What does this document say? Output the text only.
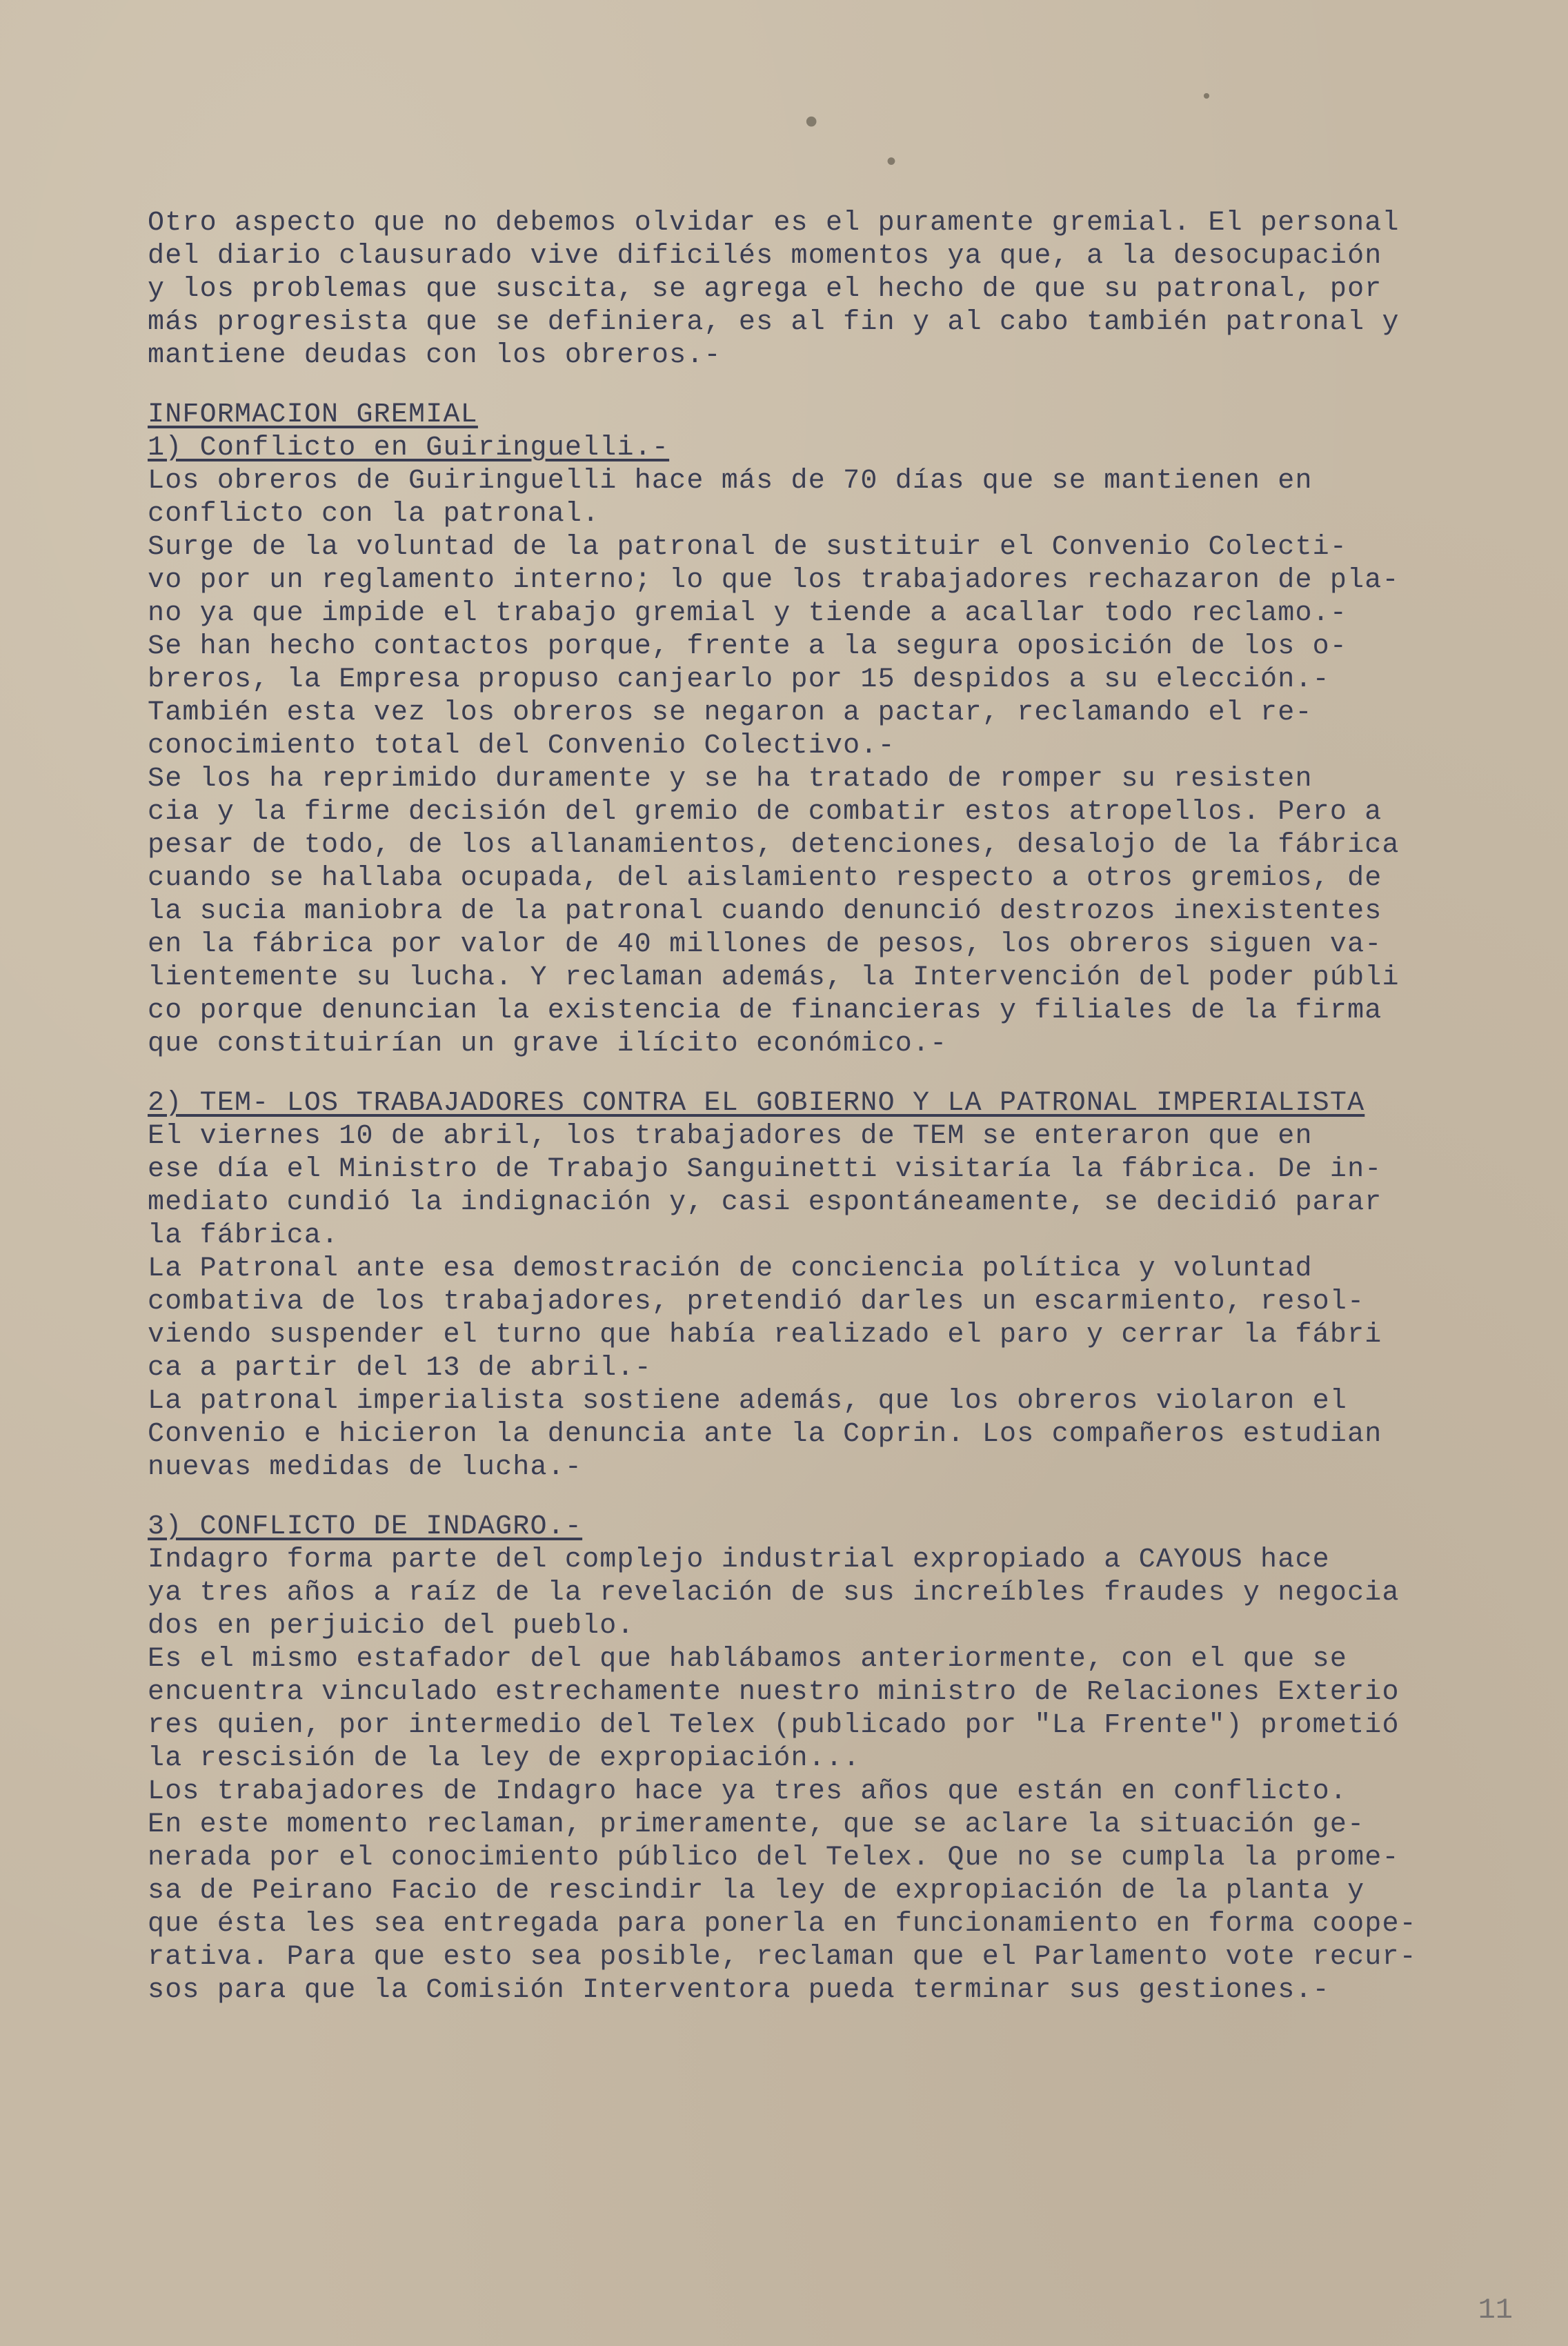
•
•
•
Otro aspecto que no debemos olvidar es el puramente gremial. El personal
del diario clausurado vive dificilés momentos ya que, a la desocupación
y los problemas que suscita, se agrega el hecho de que su patronal, por
más progresista que se definiera, es al fin y al cabo también patronal y
mantiene deudas con los obreros.-
INFORMACION GREMIAL
1) Conflicto en Guiringuelli.-
Los obreros de Guiringuelli hace más de 70 días que se mantienen en
conflicto con la patronal.
Surge de la voluntad de la patronal de sustituir el Convenio Colecti-
vo por un reglamento interno; lo que los trabajadores rechazaron de pla-
no ya que impide el trabajo gremial y tiende a acallar todo reclamo.-
Se han hecho contactos porque, frente a la segura oposición de los o-
breros, la Empresa propuso canjearlo por 15 despidos a su elección.-
También esta vez los obreros se negaron a pactar, reclamando el re-
conocimiento total del Convenio Colectivo.-
Se los ha reprimido duramente y se ha tratado de romper su resisten
cia y la firme decisión del gremio de combatir estos atropellos. Pero a
pesar de todo, de los allanamientos, detenciones, desalojo de la fábrica
cuando se hallaba ocupada, del aislamiento respecto a otros gremios, de
la sucia maniobra de la patronal cuando denunció destrozos inexistentes
en la fábrica por valor de 40 millones de pesos, los obreros siguen va-
lientemente su lucha. Y reclaman además, la Intervención del poder públi
co porque denuncian la existencia de financieras y filiales de la firma
que constituirían un grave ilícito económico.-
2) TEM- LOS TRABAJADORES CONTRA EL GOBIERNO Y LA PATRONAL IMPERIALISTA
El viernes 10 de abril, los trabajadores de TEM se enteraron que en
ese día el Ministro de Trabajo Sanguinetti visitaría la fábrica. De in-
mediato cundió la indignación y, casi espontáneamente, se decidió parar
la fábrica.
La Patronal ante esa demostración de conciencia política y voluntad
combativa de los trabajadores, pretendió darles un escarmiento, resol-
viendo suspender el turno que había realizado el paro y cerrar la fábri
ca a partir del 13 de abril.-
La patronal imperialista sostiene además, que los obreros violaron el
Convenio e hicieron la denuncia ante la Coprin. Los compañeros estudian
nuevas medidas de lucha.-
3) CONFLICTO DE INDAGRO.-
Indagro forma parte del complejo industrial expropiado a CAYOUS hace
ya tres años a raíz de la revelación de sus increíbles fraudes y negocia
dos en perjuicio del pueblo.
Es el mismo estafador del que hablábamos anteriormente, con el que se
encuentra vinculado estrechamente nuestro ministro de Relaciones Exterio
res quien, por intermedio del Telex (publicado por "La Frente") prometió
la rescisión de la ley de expropiación...
Los trabajadores de Indagro hace ya tres años que están en conflicto.
En este momento reclaman, primeramente, que se aclare la situación ge-
nerada por el conocimiento público del Telex. Que no se cumpla la prome-
sa de Peirano Facio de rescindir la ley de expropiación de la planta y
que ésta les sea entregada para ponerla en funcionamiento en forma coope-
rativa. Para que esto sea posible, reclaman que el Parlamento vote recur-
sos para que la Comisión Interventora pueda terminar sus gestiones.-
11
